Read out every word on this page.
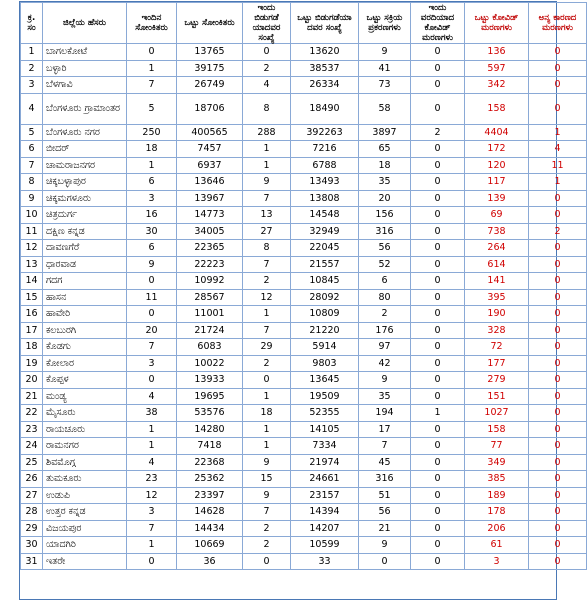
ಕ್ರ. ಸಂ	ಜಿಲ್ಲೆಯ ಹೆಸರು	ಇಂದಿನ ಸೋಂಕಿತರು	ಒಟ್ಟು ಸೋಂಕಿತರು	ಇಂದು ಬಿಡುಗಡೆ ಯಾದವರ ಸಂಖ್ಯೆ	ಒಟ್ಟು ಬಿಡುಗಡೆಯಾ ದವರ ಸಂಖ್ಯೆ	ಒಟ್ಟು ಸಕ್ರಿಯ ಪ್ರಕರಣಗಳು	ಇಂದು ವರದಿಯಾದ ಕೋವಿಡ್ ಮರಣಗಳು	ಒಟ್ಟು ಕೋವಿಡ್ ಮರಣಗಳು	ಅನ್ಯ ಕಾರಣದ ಮರಣಗಳು
1	ಬಾಗಲಕೋಟೆ	0	13765	0	13620	9	0	136	0
2	ಬಳ್ಳಾರಿ	1	39175	2	38537	41	0	597	0
3	ಬೆಳಗಾವಿ	7	26749	4	26334	73	0	342	0
4	ಬೆಂಗಳೂರು ಗ್ರಾಮಾಂತರ	5	18706	8	18490	58	0	158	0
5	ಬೆಂಗಳೂರು ನಗರ	250	400565	288	392263	3897	2	4404	1
6	ಬೀದರ್	18	7457	1	7216	65	0	172	4
7	ಚಾಮರಾಜನಗರ	1	6937	1	6788	18	0	120	11
8	ಚಿಕ್ಕಬಳ್ಳಾಪುರ	6	13646	9	13493	35	0	117	1
9	ಚಿಕ್ಕಮಗಳೂರು	3	13967	7	13808	20	0	139	0
10	ಚಿತ್ರದುರ್ಗ	16	14773	13	14548	156	0	69	0
11	ದಕ್ಷಿಣ ಕನ್ನಡ	30	34005	27	32949	316	0	738	2
12	ದಾವಣಗೆರೆ	6	22365	8	22045	56	0	264	0
13	ಧಾರವಾಡ	9	22223	7	21557	52	0	614	0
14	ಗದಗ	0	10992	2	10845	6	0	141	0
15	ಹಾಸನ	11	28567	12	28092	80	0	395	0
16	ಹಾವೇರಿ	0	11001	1	10809	2	0	190	0
17	ಕಲಬುರಗಿ	20	21724	7	21220	176	0	328	0
18	ಕೊಡಗು	7	6083	29	5914	97	0	72	0
19	ಕೋಲಾರ	3	10022	2	9803	42	0	177	0
20	ಕೊಪ್ಪಳ	0	13933	0	13645	9	0	279	0
21	ಮಂಡ್ಯ	4	19695	1	19509	35	0	151	0
22	ಮೈಸೂರು	38	53576	18	52355	194	1	1027	0
23	ರಾಯಚೂರು	1	14280	1	14105	17	0	158	0
24	ರಾಮನಗರ	1	7418	1	7334	7	0	77	0
25	ಶಿವಮೊಗ್ಗ	4	22368	9	21974	45	0	349	0
26	ತುಮಕೂರು	23	25362	15	24661	316	0	385	0
27	ಉಡುಪಿ	12	23397	9	23157	51	0	189	0
28	ಉತ್ತರ ಕನ್ನಡ	3	14628	7	14394	56	0	178	0
29	ವಿಜಯಪುರ	7	14434	2	14207	21	0	206	0
30	ಯಾದಗಿರಿ	1	10669	2	10599	9	0	61	0
31	ಇತರೇ	0	36	0	33	0	0	3	0
